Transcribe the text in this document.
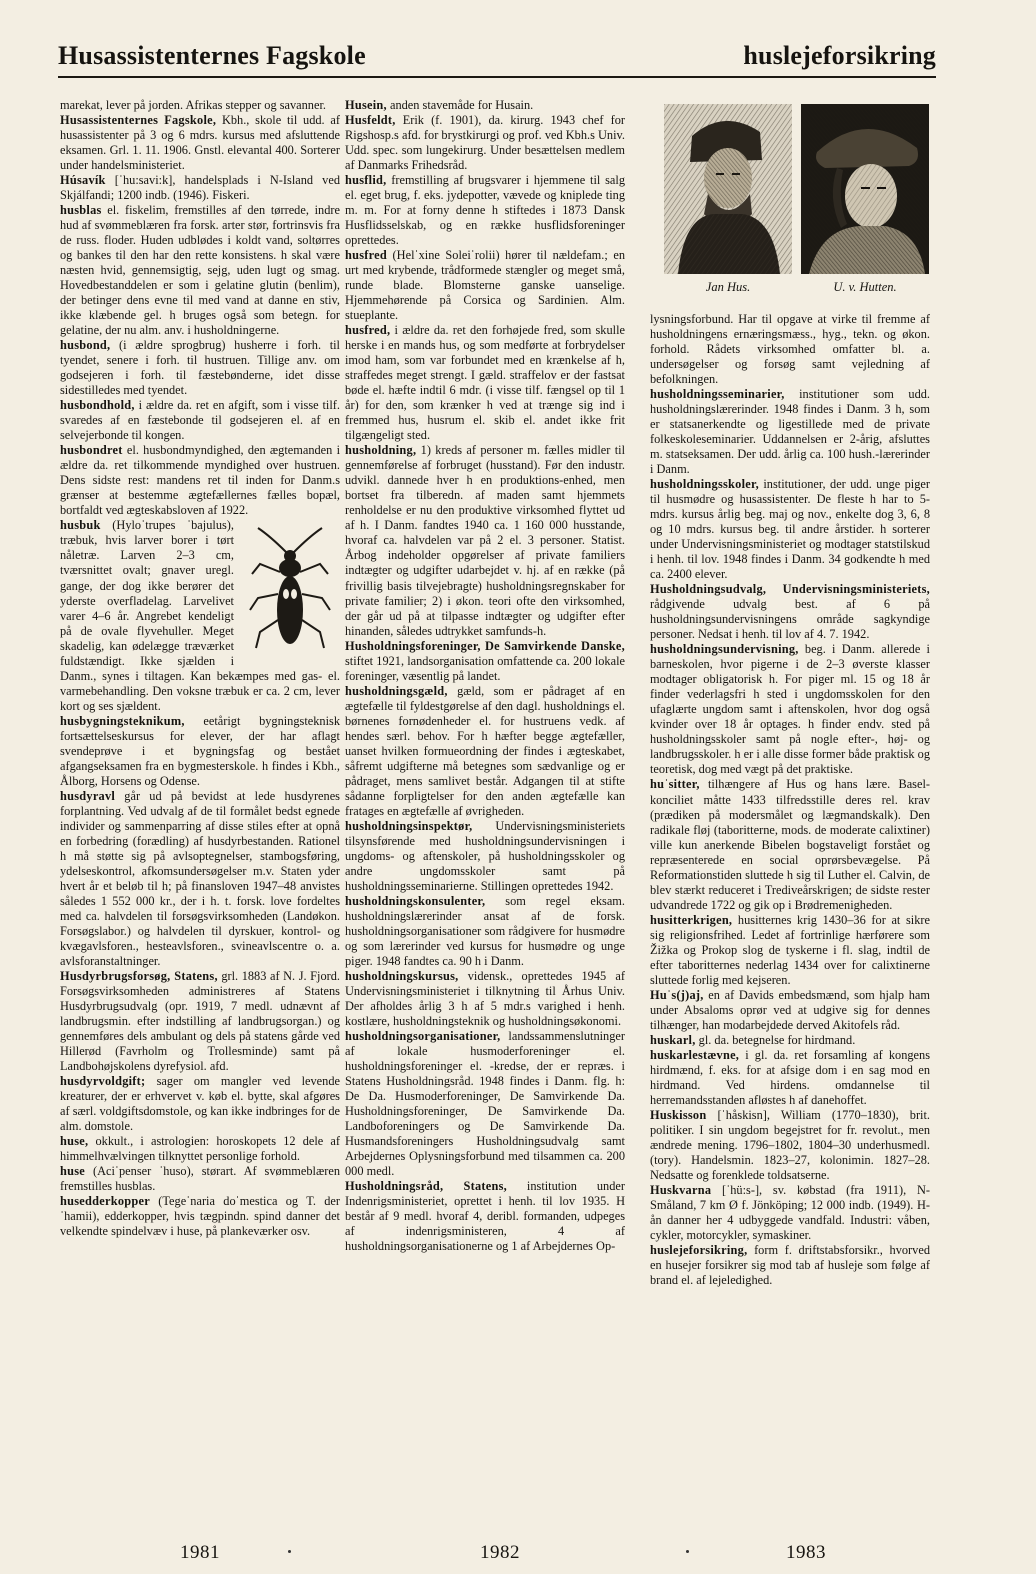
Husassistenternes Fagskole	huslejeforsikring

marekat, lever på jorden. Afrikas stepper og savanner.

Husassistenternes Fagskole, Kbh., skole til udd. af husassistenter på 3 og 6 mdrs. kursus med afsluttende eksamen. Grl. 1. 11. 1906. Gnstl. elevantal 400. Sorterer under handelsministeriet.

Húsavík [ˈhu:savi:k], handelsplads i N-Island ved Skjálfandi; 1200 indb. (1946). Fiskeri.

husblas el. fiskelim, fremstilles af den tørrede, indre hud af svømmeblæren fra forsk. arter stør, fortrinsvis fra de russ. floder. Huden udblødes i koldt vand, soltørres og bankes til den har den rette konsistens. h skal være næsten hvid, gennemsigtig, sejg, uden lugt og smag. Hovedbestanddelen er som i gelatine glutin (benlim), der betinger dens evne til med vand at danne en stiv, ikke klæbende gel. h bruges også som betegn. for gelatine, der nu alm. anv. i husholdningerne.

husbond, (i ældre sprogbrug) husherre i forh. til tyendet, senere i forh. til hustruen. Tillige anv. om godsejeren i forh. til fæstebønderne, idet disse sidestilledes med tyendet.

husbondhold, i ældre da. ret en afgift, som i visse tilf. svaredes af en fæstebonde til godsejeren el. af en selvejerbonde til kongen.

husbondret el. husbondmyndighed, den ægtemanden i ældre da. ret tilkommende myndighed over hustruen. Dens sidste rest: mandens ret til inden for Danm.s grænser at bestemme ægtefællernes fælles bopæl, bortfaldt ved ægteskabsloven af 1922.

husbuk (Hyloˈtrupes ˈbajulus), træbuk, hvis larver borer i tørt nåletræ. Larven 2–3 cm, tværsnittet ovalt; gnaver uregl. gange, der dog ikke berører det yderste overfladelag. Larvelivet varer 4–6 år. Angrebet kendeligt på de ovale flyvehuller. Meget skadelig, kan ødelægge træværket fuldstændigt. Ikke sjælden i Danm., synes i tiltagen. Kan bekæmpes med gas- el. varmebehandling. Den voksne træbuk er ca. 2 cm, lever kort og ses sjældent.

husbygningsteknikum, eetårigt bygningsteknisk fortsættelseskursus for elever, der har aflagt svendeprøve i et bygningsfag og bestået afgangseksamen fra en bygmesterskole. h findes i Kbh., Ålborg, Horsens og Odense.

husdyravl går ud på bevidst at lede husdyrenes forplantning. Ved udvalg af de til formålet bedst egnede individer og sammenparring af disse stiles efter at opnå en forbedring (forædling) af husdyrbestanden. Rationel h må støtte sig på avlsoptegnelser, stambogsføring, ydelseskontrol, afkomsundersøgelser m.v. Staten yder hvert år et beløb til h; på finansloven 1947–48 anvistes således 1 552 000 kr., der i h. t. forsk. love fordeltes med ca. halvdelen til forsøgsvirksomheden (Landøkon. Forsøgslabor.) og halvdelen til dyrskuer, kontrol- og kvægavlsforen., hesteavlsforen., svineavlscentre o. a. avlsforanstaltninger.

Husdyrbrugsforsøg, Statens, grl. 1883 af N. J. Fjord. Forsøgsvirksomheden administreres af Statens Husdyrbrugsudvalg (opr. 1919, 7 medl. udnævnt af landbrugsmin. efter indstilling af landbrugsorgan.) og gennemføres dels ambulant og dels på statens gårde ved Hillerød (Favrholm og Trollesminde) samt på Landbohøjskolens dyrefysiol. afd.

husdyrvoldgift; sager om mangler ved levende kreaturer, der er erhvervet v. køb el. bytte, skal afgøres af særl. voldgiftsdomstole, og kan ikke indbringes for de alm. domstole.

huse, okkult., i astrologien: horoskopets 12 dele af himmelhvælvingen tilknyttet personlige forhold.

huse (Aciˈpenser ˈhuso), størart. Af svømmeblæren fremstilles husblas.

husedderkopper (Tegeˈnaria doˈmestica og T. derˈhamii), edderkopper, hvis tægpindn. spind danner det velkendte spindelvæv i huse, på plankeværker osv.

Husein, anden stavemåde for Husain.

Husfeldt, Erik (f. 1901), da. kirurg. 1943 chef for Rigshosp.s afd. for brystkirurgi og prof. ved Kbh.s Univ. Udd. spec. som lungekirurg. Under besættelsen medlem af Danmarks Frihedsråd.

husflid, fremstilling af brugsvarer i hjemmene til salg el. eget brug, f. eks. jydepotter, vævede og kniplede ting m. m. For at forny denne h stiftedes i 1873 Dansk Husflidsselskab, og en række husflidsforeninger oprettedes.

husfred (Helˈxine Soleiˈrolii) hører til nældefam.; en urt med krybende, trådformede stængler og meget små, runde blade. Blomsterne ganske uanselige. Hjemmehørende på Corsica og Sardinien. Alm. stueplante.

husfred, i ældre da. ret den forhøjede fred, som skulle herske i en mands hus, og som medførte at forbrydelser imod ham, som var forbundet med en krænkelse af h, straffedes meget strengt. I gæld. straffelov er der fastsat bøde el. hæfte indtil 6 mdr. (i visse tilf. fængsel op til 1 år) for den, som krænker h ved at trænge sig ind i fremmed hus, husrum el. skib el. andet ikke frit tilgængeligt sted.

husholdning, 1) kreds af personer m. fælles midler til gennemførelse af forbruget (husstand). Før den industr. udvikl. dannede hver h en produktions-enhed, men bortset fra tilberedn. af maden samt hjemmets renholdelse er nu den produktive virksomhed flyttet ud af h. I Danm. fandtes 1940 ca. 1 160 000 husstande, hvoraf ca. halvdelen var på 2 el. 3 personer. Statist. Årbog indeholder opgørelser af private familiers indtægter og udgifter udarbejdet v. hj. af en række (på frivillig basis tilvejebragte) husholdningsregnskaber for private familier; 2) i økon. teori ofte den virksomhed, der går ud på at tilpasse indtægter og udgifter efter hinanden, således udtrykket samfunds-h.

Husholdningsforeninger, De Samvirkende Danske, stiftet 1921, landsorganisation omfattende ca. 200 lokale foreninger, væsentlig på landet.

husholdningsgæld, gæld, som er pådraget af en ægtefælle til fyldestgørelse af den dagl. husholdnings el. børnenes fornødenheder el. for hustruens vedk. af hendes særl. behov. For h hæfter begge ægtefæller, uanset hvilken formueordning der findes i ægteskabet, såfremt udgifterne må betegnes som sædvanlige og er pådraget, mens samlivet består. Adgangen til at stifte sådanne forpligtelser for den anden ægtefælle kan fratages en ægtefælle af øvrigheden.

husholdningsinspektør, Undervisningsministeriets tilsynsførende med husholdningsundervisningen i ungdoms- og aftenskoler, på husholdningsskoler og andre ungdomsskoler samt på husholdningsseminarierne. Stillingen oprettedes 1942.

husholdningskonsulenter, som regel eksam. husholdningslærerinder ansat af de forsk. husholdningsorganisationer som rådgivere for husmødre og som lærerinder ved kursus for husmødre og unge piger. 1948 fandtes ca. 90 h i Danm.

husholdningskursus, vidensk., oprettedes 1945 af Undervisningsministeriet i tilknytning til Århus Univ. Der afholdes årlig 3 h af 5 mdr.s varighed i henh. kostlære, husholdningsteknik og husholdningsøkonomi.

husholdningsorganisationer, landssammenslutninger af lokale husmoderforeninger el. husholdningsforeninger el. -kredse, der er repræs. i Statens Husholdningsråd. 1948 findes i Danm. flg. h: De Da. Husmoderforeninger, De Samvirkende Da. Husholdningsforeninger, De Samvirkende Da. Landboforeningers og De Samvirkende Da. Husmandsforeningers Husholdningsudvalg samt Arbejdernes Oplysningsforbund med tilsammen ca. 200 000 medl.

Husholdningsråd, Statens, institution under Indenrigsministeriet, oprettet i henh. til lov 1935. H består af 9 medl. hvoraf 4, deribl. formanden, udpeges af indenrigsministeren, 4 af husholdningsorganisationerne og 1 af Arbejdernes Op-

Jan Hus.	U. v. Hutten.

lysningsforbund. Har til opgave at virke til fremme af husholdningens ernæringsmæss., hyg., tekn. og økon. forhold. Rådets virksomhed omfatter bl. a. undersøgelser og forsøg samt vejledning af befolkningen.

husholdningsseminarier, institutioner som udd. husholdningslærerinder. 1948 findes i Danm. 3 h, som er statsanerkendte og ligestillede med de private folkeskoleseminarier. Uddannelsen er 2-årig, afsluttes m. statseksamen. Der udd. årlig ca. 100 hush.-lærerinder i Danm.

husholdningsskoler, institutioner, der udd. unge piger til husmødre og husassistenter. De fleste h har to 5-mdrs. kursus årlig beg. maj og nov., enkelte dog 3, 6, 8 og 10 mdrs. kursus beg. til andre årstider. h sorterer under Undervisningsministeriet og modtager statstilskud i henh. til lov. 1948 findes i Danm. 34 godkendte h med ca. 2400 elever.

Husholdningsudvalg, Undervisningsministeriets, rådgivende udvalg best. af 6 på husholdningsundervisningens område sagkyndige personer. Nedsat i henh. til lov af 4. 7. 1942.

husholdningsundervisning, beg. i Danm. allerede i barneskolen, hvor pigerne i de 2–3 øverste klasser modtager obligatorisk h. For piger ml. 15 og 18 år finder vederlagsfri h sted i ungdomsskolen for den ufaglærte ungdom samt i aftenskolen, hvor dog også kvinder over 18 år optages. h finder endv. sted på husholdningsskoler samt på nogle efter-, høj- og landbrugsskoler. h er i alle disse former både praktisk og teoretisk, dog med vægt på det praktiske.

huˈsitter, tilhængere af Hus og hans lære. Basel-konciliet måtte 1433 tilfredsstille deres rel. krav (prædiken på modersmålet og lægmandskalk). Den radikale fløj (taboritterne, mods. de moderate calixtiner) ville kun anerkende Bibelen bogstaveligt forstået og repræsenterede en social oprørsbevægelse. På Reformationstiden sluttede h sig til Luther el. Calvin, de blev stærkt reduceret i Trediveårskrigen; de sidste rester udvandrede 1722 og gik op i Brødremenigheden.

husitterkrigen, husitternes krig 1430–36 for at sikre sig religionsfrihed. Ledet af fortrinlige hærførere som Žižka og Prokop slog de tyskerne i fl. slag, indtil de efter taboritternes nederlag 1434 over for calixtinerne sluttede forlig med kejseren.

Huˈs(j)aj, en af Davids embedsmænd, som hjalp ham under Absaloms oprør ved at udgive sig for dennes tilhænger, han modarbejdede derved Akitofels råd.

huskarl, gl. da. betegnelse for hirdmand.

huskarlestævne, i gl. da. ret forsamling af kongens hirdmænd, f. eks. for at afsige dom i en sag mod en hirdmand. Ved hirdens. omdannelse til herremandsstanden afløstes h af danehoffet.

Huskisson [ˈhåskisn], William (1770–1830), brit. politiker. I sin ungdom begejstret for fr. revolut., men ændrede mening. 1796–1802, 1804–30 underhusmedl. (tory). Handelsmin. 1823–27, kolonimin. 1827–28. Nedsatte og forenklede toldsatserne.

Huskvarna [ˈhü:s-], sv. købstad (fra 1911), N-Småland, 7 km Ø f. Jönköping; 12 000 indb. (1949). H-ån danner her 4 udbyggede vandfald. Industri: våben, cykler, motorcykler, symaskiner.

huslejeforsikring, form f. driftstabsforsikr., hvorved en husejer forsikrer sig mod tab af husleje som følge af brand el. af lejeledighed.

1981	1982	1983
